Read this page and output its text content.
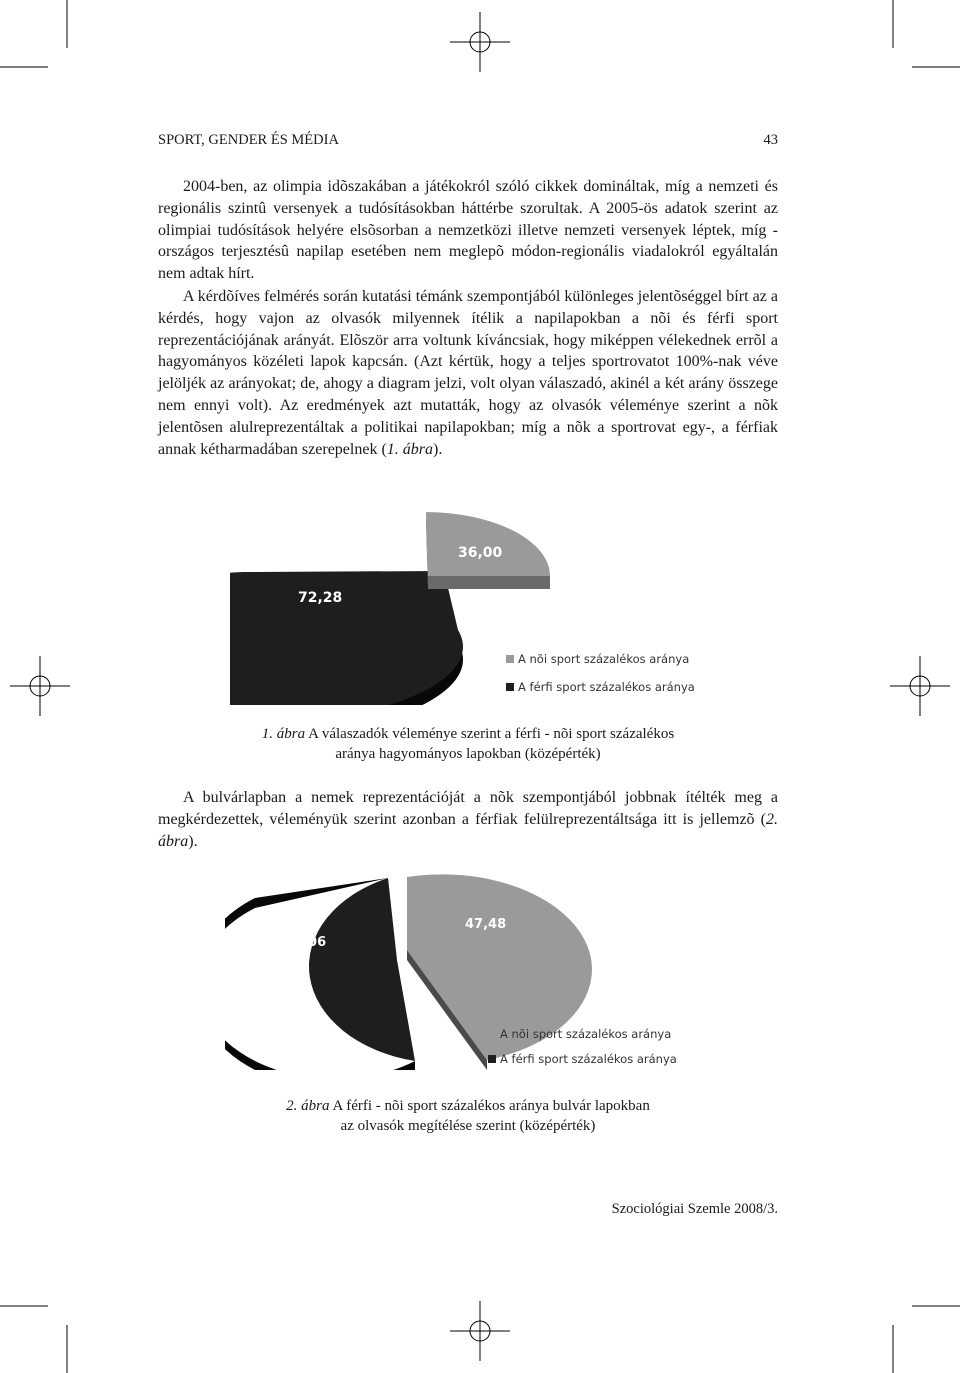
SPORT, GENDER ÉS MÉDIA	43

2004-ben, az olimpia idõszakában a játékokról szóló cikkek domináltak, míg a nemzeti és regionális szintû versenyek a tudósításokban háttérbe szorultak. A 2005-ös adatok szerint az olimpiai tudósítások helyére elsõsorban a nemzetközi illetve nemzeti versenyek léptek, míg - országos terjesztésû napilap esetében nem meglepõ módon-regionális viadalokról egyáltalán nem adtak hírt.

A kérdõíves felmérés során kutatási témánk szempontjából különleges jelentõséggel bírt az a kérdés, hogy vajon az olvasók milyennek ítélik a napilapokban a nõi és férfi sport reprezentációjának arányát. Elõször arra voltunk kíváncsiak, hogy miképpen vélekednek errõl a hagyományos közéleti lapok kapcsán. (Azt kértük, hogy a teljes sportrovatot 100%-nak véve jelöljék az arányokat; de, ahogy a diagram jelzi, volt olyan válaszadó, akinél a két arány összege nem ennyi volt). Az eredmények azt mutatták, hogy az olvasók véleménye szerint a nõk jelentõsen alulreprezentáltak a politikai napilapokban; míg a nõk a sportrovat egy-, a férfiak annak kétharmadában szerepelnek (1. ábra).

36,00
72,28
A nõi sport százalékos aránya
A férfi sport százalékos aránya
1. ábra A válaszadók véleménye szerint a férfi - nõi sport százalékos
aránya hagyományos lapokban (középérték)

A bulvárlapban a nemek reprezentációját a nõk szempontjából jobbnak ítélték meg a megkérdezettek, véleményük szerint azonban a férfiak felülreprezentáltsága itt is jellemzõ (2. ábra).

47,48
62,06
A nõi sport százalékos aránya
A férfi sport százalékos aránya
2. ábra A férfi - nõi sport százalékos aránya bulvár lapokban
az olvasók megítélése szerint (középérték)
Szociológiai Szemle 2008/3.
